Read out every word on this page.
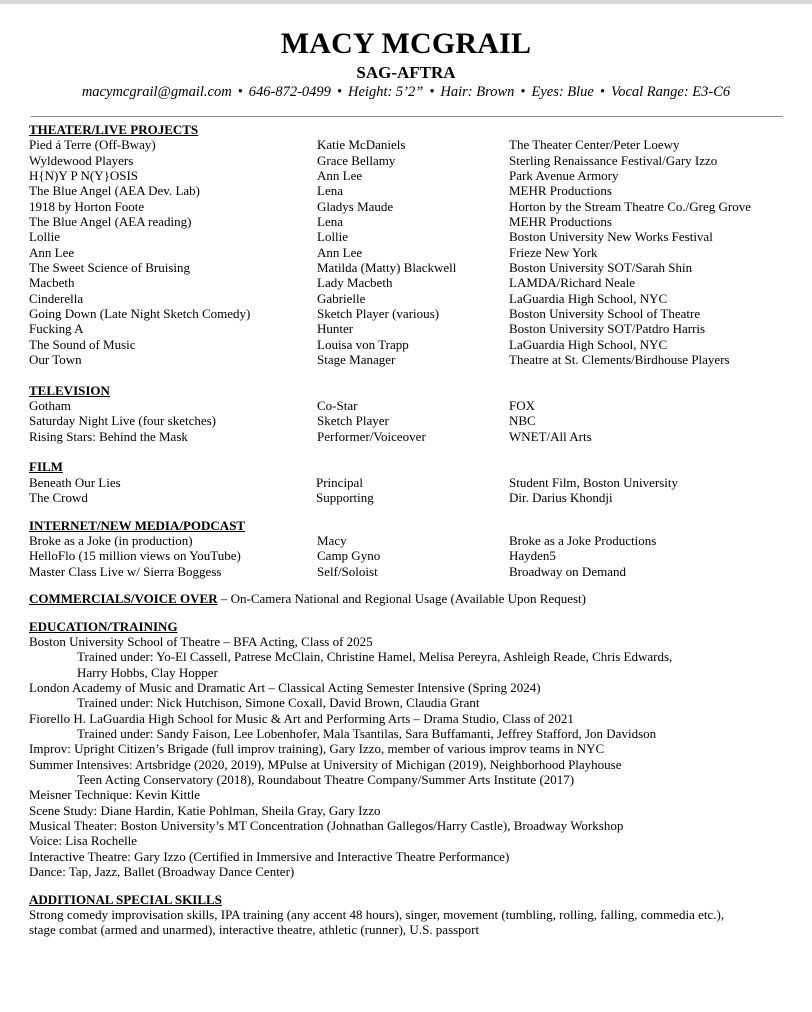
MACY MCGRAIL
SAG-AFTRA
macymcgrail@gmail.com • 646-872-0499 • Height: 5’2” • Hair: Brown • Eyes: Blue • Vocal Range: E3-C6
THEATER/LIVE PROJECTS
Pied á Terre (Off-Bway)	Katie McDaniels	The Theater Center/Peter Loewy
Wyldewood Players	Grace Bellamy	Sterling Renaissance Festival/Gary Izzo
H{N)Y P N(Y}OSIS	Ann Lee	Park Avenue Armory
The Blue Angel (AEA Dev. Lab)	Lena	MEHR Productions
1918 by Horton Foote	Gladys Maude	Horton by the Stream Theatre Co./Greg Grove
The Blue Angel (AEA reading)	Lena	MEHR Productions
Lollie	Lollie	Boston University New Works Festival
Ann Lee	Ann Lee	Frieze New York
The Sweet Science of Bruising	Matilda (Matty) Blackwell	Boston University SOT/Sarah Shin
Macbeth	Lady Macbeth	LAMDA/Richard Neale
Cinderella	Gabrielle	LaGuardia High School, NYC
Going Down (Late Night Sketch Comedy)	Sketch Player (various)	Boston University School of Theatre
Fucking A	Hunter	Boston University SOT/Patdro Harris
The Sound of Music	Louisa von Trapp	LaGuardia High School, NYC
Our Town	Stage Manager	Theatre at St. Clements/Birdhouse Players
TELEVISION
Gotham	Co-Star	FOX
Saturday Night Live (four sketches)	Sketch Player	NBC
Rising Stars: Behind the Mask	Performer/Voiceover	WNET/All Arts
FILM
Beneath Our Lies	Principal	Student Film, Boston University
The Crowd	Supporting	Dir. Darius Khondji
INTERNET/NEW MEDIA/PODCAST
Broke as a Joke (in production)	Macy	Broke as a Joke Productions
HelloFlo (15 million views on YouTube)	Camp Gyno	Hayden5
Master Class Live w/ Sierra Boggess	Self/Soloist	Broadway on Demand
COMMERCIALS/VOICE OVER – On-Camera National and Regional Usage (Available Upon Request)
EDUCATION/TRAINING
Boston University School of Theatre – BFA Acting, Class of 2025
Trained under: Yo-El Cassell, Patrese McClain, Christine Hamel, Melisa Pereyra, Ashleigh Reade, Chris Edwards,
Harry Hobbs, Clay Hopper
London Academy of Music and Dramatic Art – Classical Acting Semester Intensive (Spring 2024)
Trained under: Nick Hutchison, Simone Coxall, David Brown, Claudia Grant
Fiorello H. LaGuardia High School for Music & Art and Performing Arts – Drama Studio, Class of 2021
Trained under: Sandy Faison, Lee Lobenhofer, Mala Tsantilas, Sara Buffamanti, Jeffrey Stafford, Jon Davidson
Improv: Upright Citizen’s Brigade (full improv training), Gary Izzo, member of various improv teams in NYC
Summer Intensives: Artsbridge (2020, 2019), MPulse at University of Michigan (2019), Neighborhood Playhouse
Teen Acting Conservatory (2018), Roundabout Theatre Company/Summer Arts Institute (2017)
Meisner Technique: Kevin Kittle
Scene Study: Diane Hardin, Katie Pohlman, Sheila Gray, Gary Izzo
Musical Theater: Boston University’s MT Concentration (Johnathan Gallegos/Harry Castle), Broadway Workshop
Voice: Lisa Rochelle
Interactive Theatre: Gary Izzo (Certified in Immersive and Interactive Theatre Performance)
Dance: Tap, Jazz, Ballet (Broadway Dance Center)
ADDITIONAL SPECIAL SKILLS
Strong comedy improvisation skills, IPA training (any accent 48 hours), singer, movement (tumbling, rolling, falling, commedia etc.),
stage combat (armed and unarmed), interactive theatre, athletic (runner), U.S. passport
